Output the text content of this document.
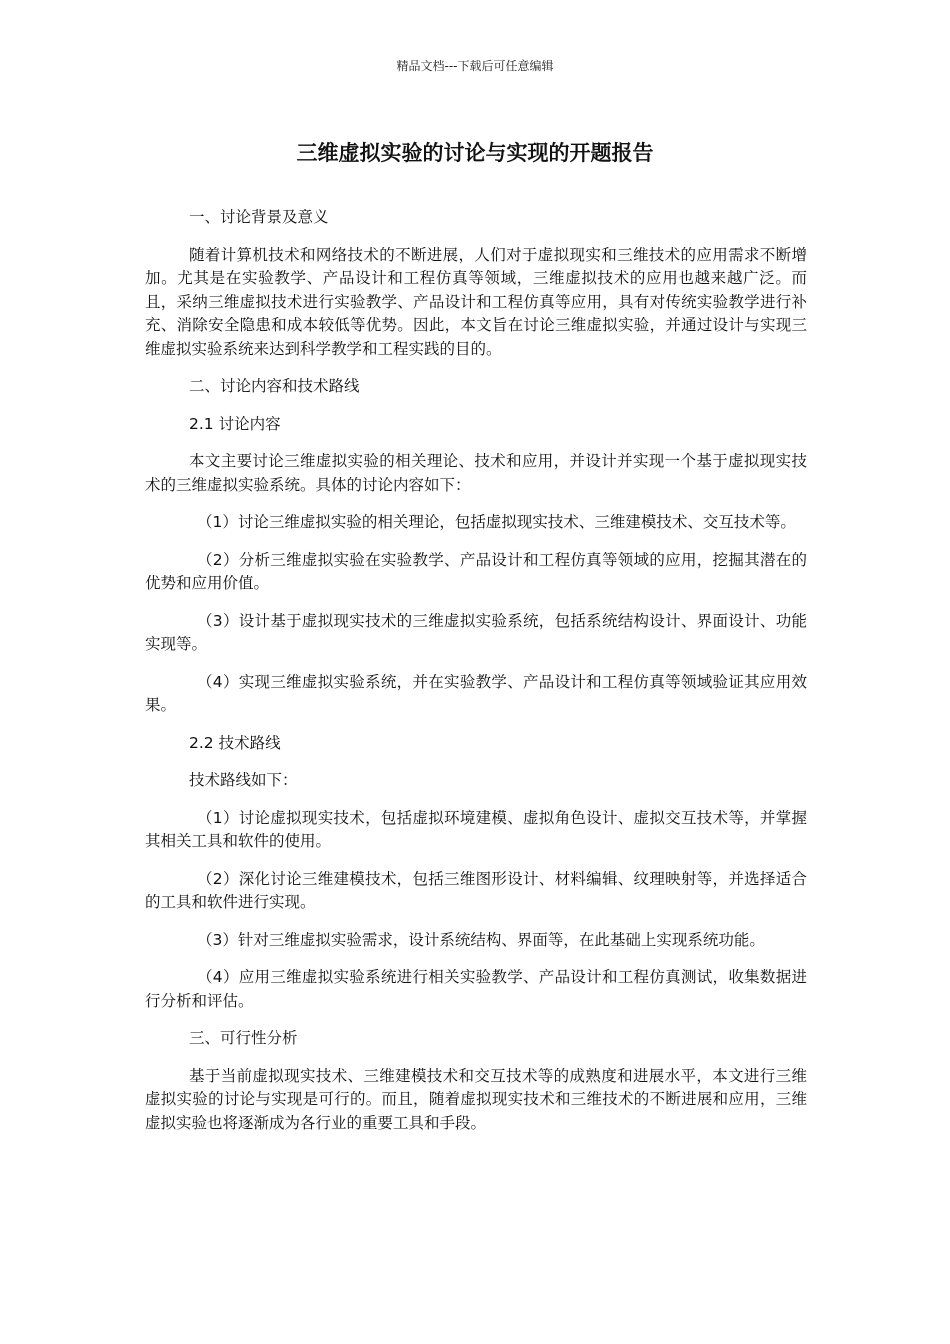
精品文档---下载后可任意编辑
三维虚拟实验的讨论与实现的开题报告

一、讨论背景及意义

随着计算机技术和网络技术的不断进展，人们对于虚拟现实和三维技术的应用需求不断增加。尤其是在实验教学、产品设计和工程仿真等领域，三维虚拟技术的应用也越来越广泛。而且，采纳三维虚拟技术进行实验教学、产品设计和工程仿真等应用，具有对传统实验教学进行补充、消除安全隐患和成本较低等优势。因此，本文旨在讨论三维虚拟实验，并通过设计与实现三维虚拟实验系统来达到科学教学和工程实践的目的。

二、讨论内容和技术路线

2.1 讨论内容

本文主要讨论三维虚拟实验的相关理论、技术和应用，并设计并实现一个基于虚拟现实技术的三维虚拟实验系统。具体的讨论内容如下：

（1）讨论三维虚拟实验的相关理论，包括虚拟现实技术、三维建模技术、交互技术等。

（2）分析三维虚拟实验在实验教学、产品设计和工程仿真等领域的应用，挖掘其潜在的优势和应用价值。

（3）设计基于虚拟现实技术的三维虚拟实验系统，包括系统结构设计、界面设计、功能实现等。

（4）实现三维虚拟实验系统，并在实验教学、产品设计和工程仿真等领域验证其应用效果。

2.2 技术路线

技术路线如下：

（1）讨论虚拟现实技术，包括虚拟环境建模、虚拟角色设计、虚拟交互技术等，并掌握其相关工具和软件的使用。

（2）深化讨论三维建模技术，包括三维图形设计、材料编辑、纹理映射等，并选择适合的工具和软件进行实现。

（3）针对三维虚拟实验需求，设计系统结构、界面等，在此基础上实现系统功能。

（4）应用三维虚拟实验系统进行相关实验教学、产品设计和工程仿真测试，收集数据进行分析和评估。

三、可行性分析

基于当前虚拟现实技术、三维建模技术和交互技术等的成熟度和进展水平，本文进行三维虚拟实验的讨论与实现是可行的。而且，随着虚拟现实技术和三维技术的不断进展和应用，三维虚拟实验也将逐渐成为各行业的重要工具和手段。
